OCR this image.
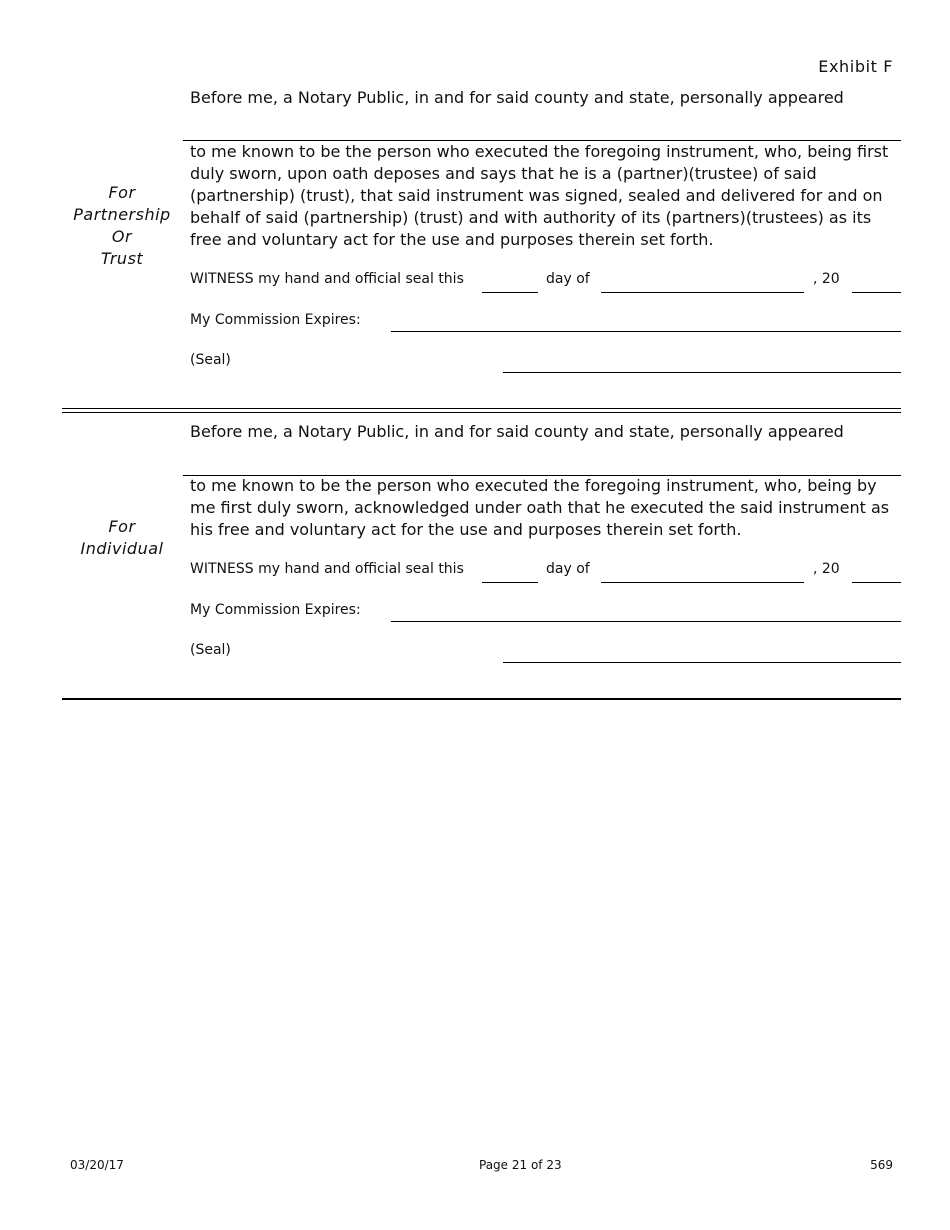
Exhibit F
For
Partnership
Or
Trust
Before me, a Notary Public, in and for said county and state, personally appeared
to me known to be the person who executed the foregoing instrument, who, being first duly sworn, upon oath deposes and says that he is a (partner)(trustee) of said (partnership) (trust), that said instrument was signed, sealed and delivered for and on behalf of said (partnership) (trust) and with authority of its (partners)(trustees) as its free and voluntary act for the use and purposes therein set forth.
WITNESS my hand and official seal this	day of	, 20
My Commission Expires:
(Seal)
For
Individual
Before me, a Notary Public, in and for said county and state, personally appeared
to me known to be the person who executed the foregoing instrument, who, being by me first duly sworn, acknowledged under oath that he executed the said instrument as his free and voluntary act for the use and purposes therein set forth.
WITNESS my hand and official seal this	day of	, 20
My Commission Expires:
(Seal)
03/20/17	Page 21 of 23	569
